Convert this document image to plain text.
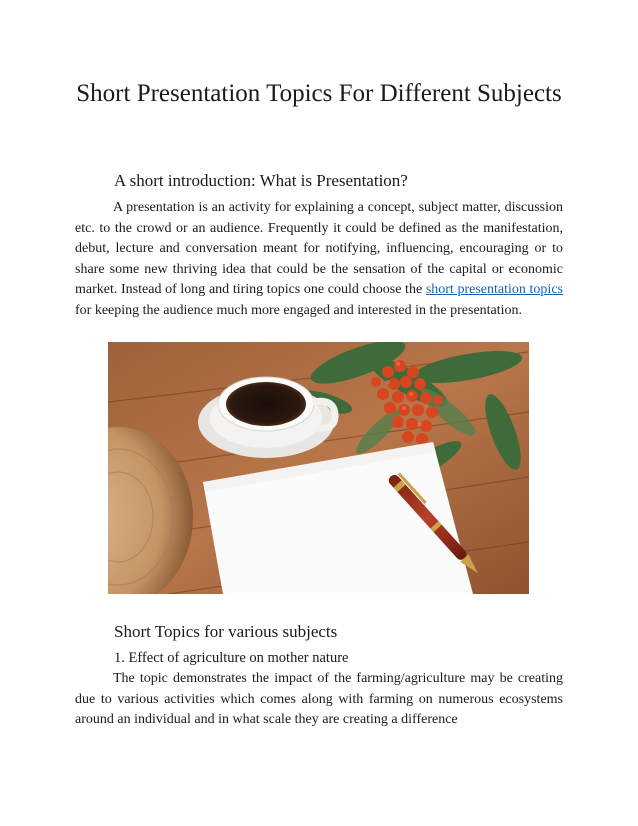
Short Presentation Topics For Different Subjects
A short introduction: What is Presentation?

A presentation is an activity for explaining a concept, subject matter, discussion etc. to the crowd or an audience. Frequently it could be defined as the manifestation, debut, lecture and conversation meant for notifying, influencing, encouraging or to share some new thriving idea that could be the sensation of the capital or economic market. Instead of long and tiring topics one could choose the short presentation topics for keeping the audience much more engaged and interested in the presentation.

Short Topics for various subjects
1. Effect of agriculture on mother nature

The topic demonstrates the impact of the farming/agriculture may be creating due to various activities which comes along with farming on numerous ecosystems around an individual and in what scale they are creating a difference
